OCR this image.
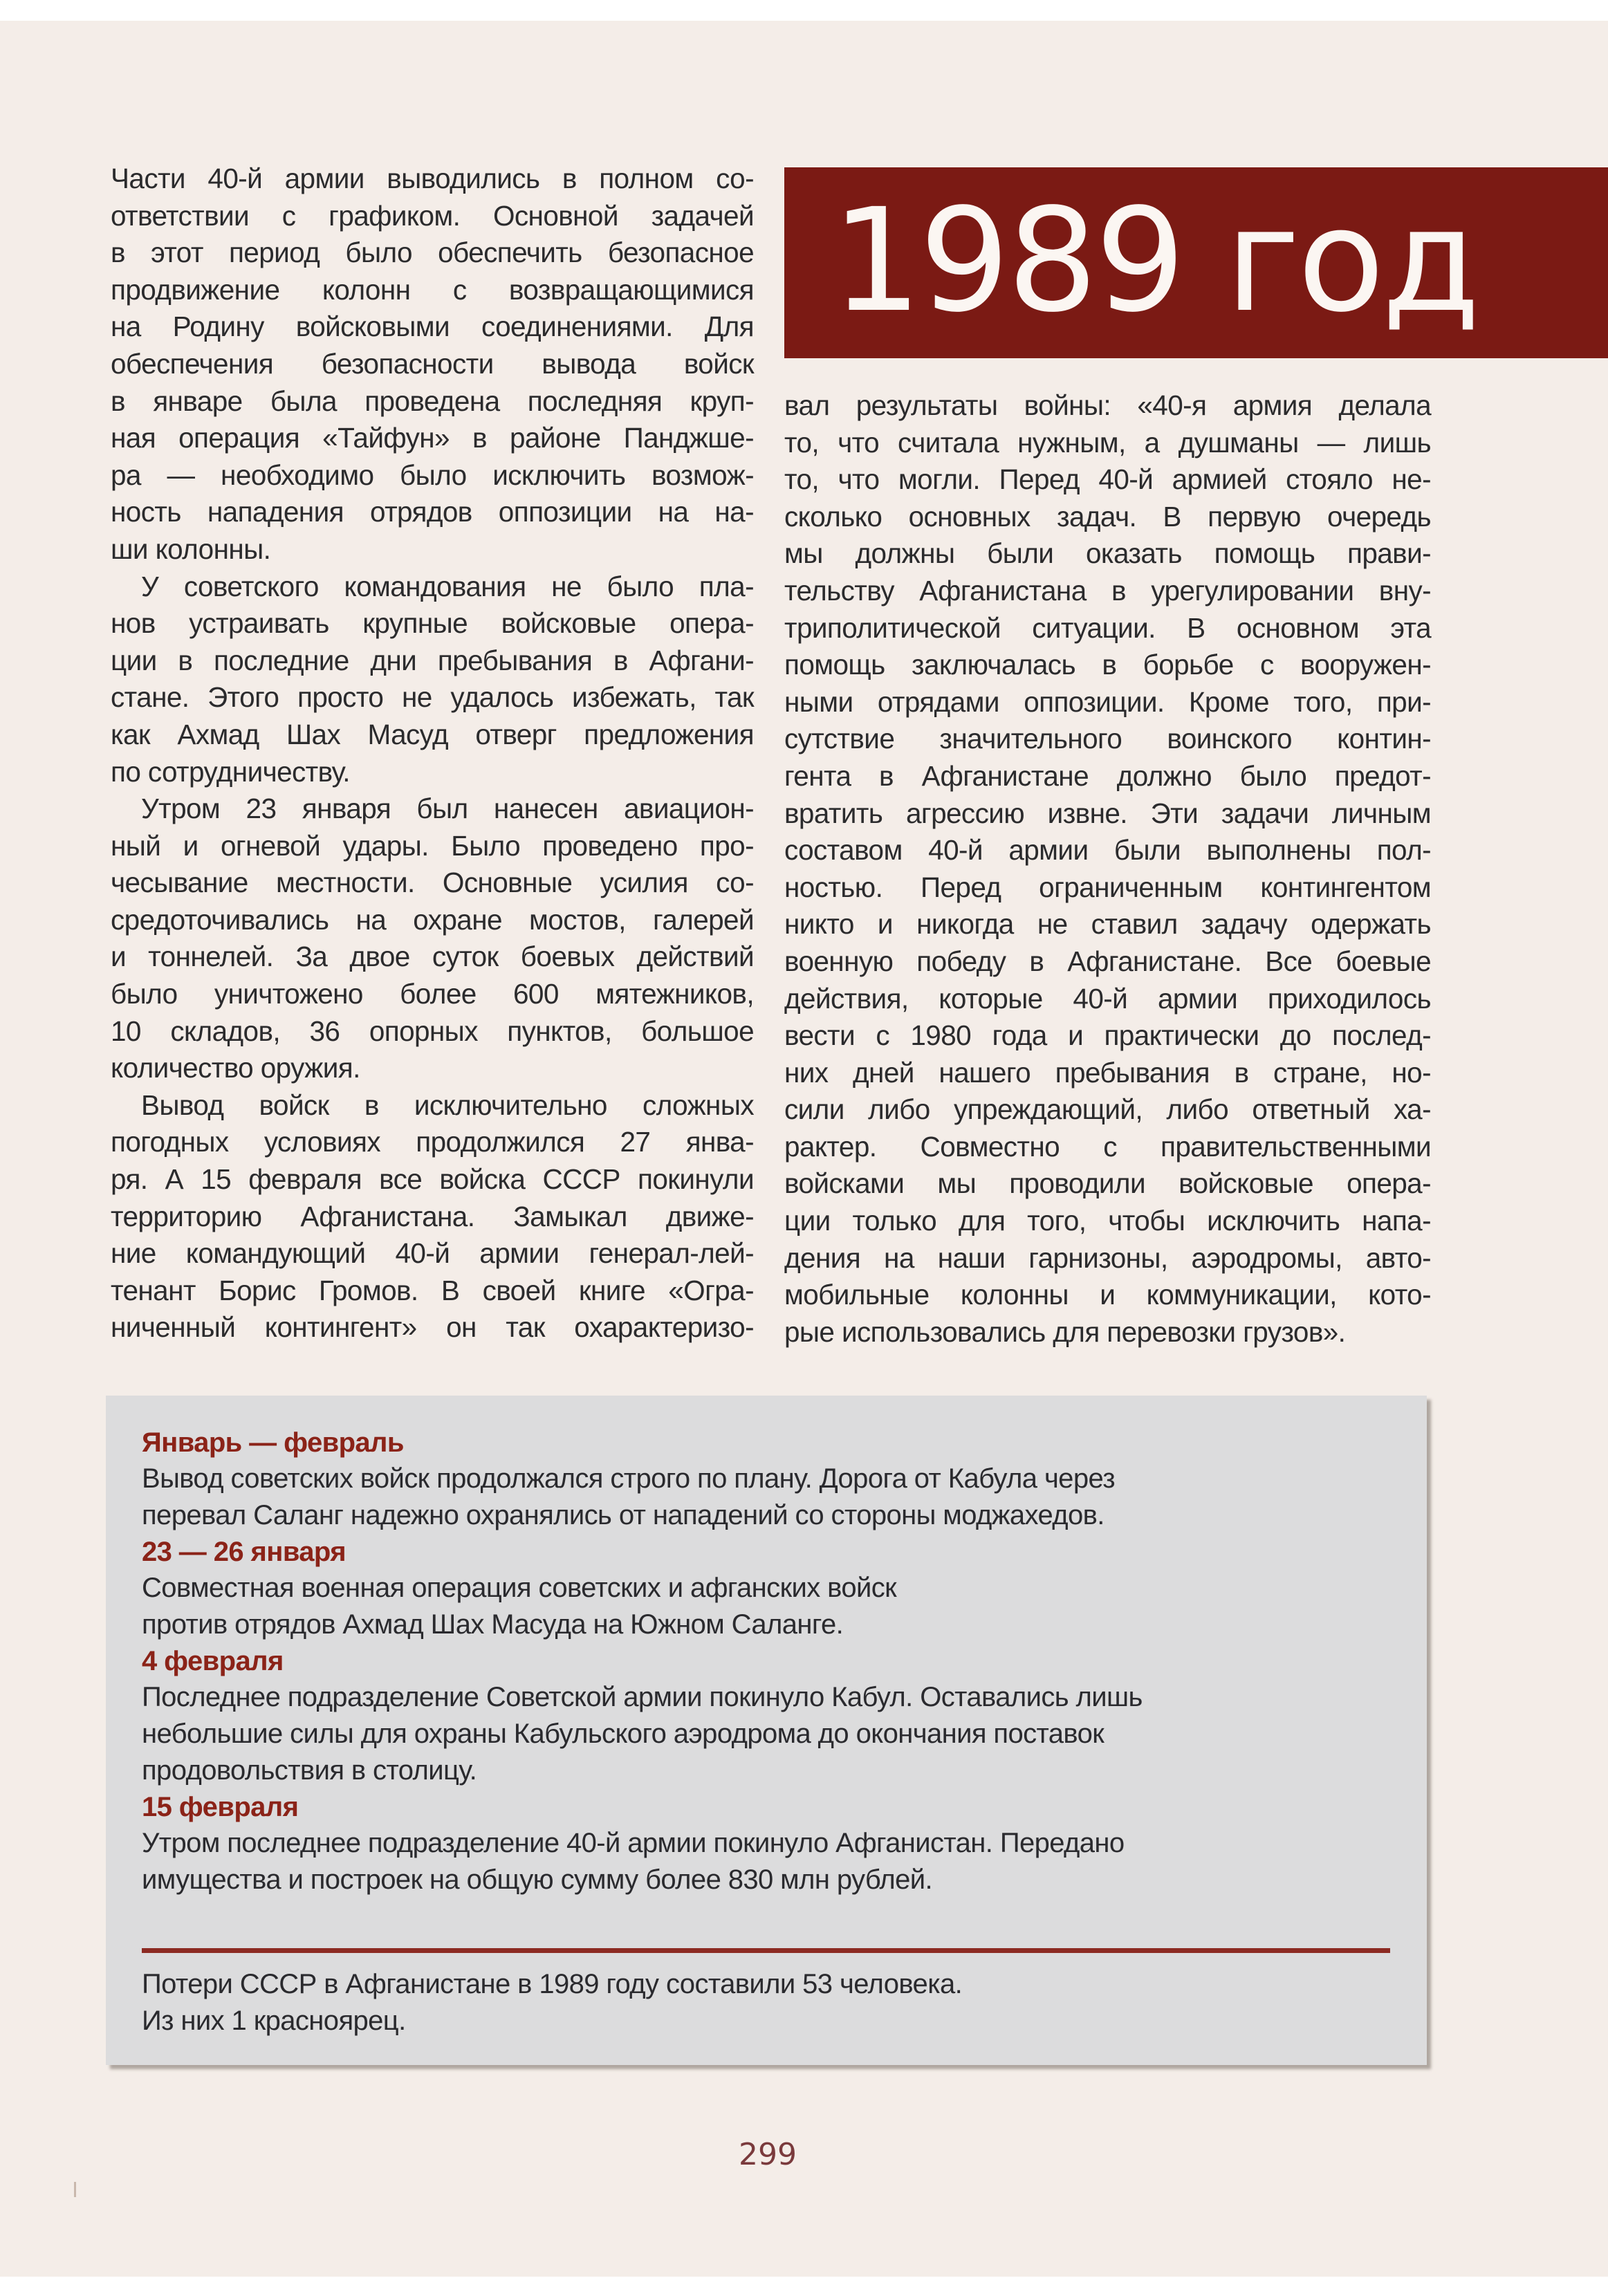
1989 год
Части 40-й армии выводились в полном со-
ответствии с графиком. Основной задачей
в этот период было обеспечить безопасное
продвижение колонн с возвращающимися
на Родину войсковыми соединениями. Для
обеспечения безопасности вывода войск
в январе была проведена последняя круп-
ная операция «Тайфун» в районе Панджше-
ра — необходимо было исключить возмож-
ность нападения отрядов оппозиции на на-
ши колонны.
У советского командования не было пла-
нов устраивать крупные войсковые опера-
ции в последние дни пребывания в Афгани-
стане. Этого просто не удалось избежать, так
как Ахмад Шах Масуд отверг предложения
по сотрудничеству.
Утром 23 января был нанесен авиацион-
ный и огневой удары. Было проведено про-
чесывание местности. Основные усилия со-
средоточивались на охране мостов, галерей
и тоннелей. За двое суток боевых действий
было уничтожено более 600 мятежников,
10 складов, 36 опорных пунктов, большое
количество оружия.
Вывод войск в исключительно сложных
погодных условиях продолжился 27 янва-
ря. А 15 февраля все войска СССР покинули
территорию Афганистана. Замыкал движе-
ние командующий 40-й армии генерал-лей-
тенант Борис Громов. В своей книге «Огра-
ниченный контингент» он так охарактеризо-
вал результаты войны: «40-я армия делала
то, что считала нужным, а душманы — лишь
то, что могли. Перед 40-й армией стояло не-
сколько основных задач. В первую очередь
мы должны были оказать помощь прави-
тельству Афганистана в урегулировании вну-
триполитической ситуации. В основном эта
помощь заключалась в борьбе с вооружен-
ными отрядами оппозиции. Кроме того, при-
сутствие значительного воинского контин-
гента в Афганистане должно было предот-
вратить агрессию извне. Эти задачи личным
составом 40-й армии были выполнены пол-
ностью. Перед ограниченным контингентом
никто и никогда не ставил задачу одержать
военную победу в Афганистане. Все боевые
действия, которые 40-й армии приходилось
вести с 1980 года и практически до послед-
них дней нашего пребывания в стране, но-
сили либо упреждающий, либо ответный ха-
рактер. Совместно с правительственными
войсками мы проводили войсковые опера-
ции только для того, чтобы исключить напа-
дения на наши гарнизоны, аэродромы, авто-
мобильные колонны и коммуникации, кото-
рые использовались для перевозки грузов».
Январь — февраль
Вывод советских войск продолжался строго по плану. Дорога от Кабула через
перевал Саланг надежно охранялись от нападений со стороны моджахедов.
23 — 26 января
Совместная военная операция советских и афганских войск
против отрядов Ахмад Шах Масуда на Южном Саланге.
4 февраля
Последнее подразделение Советской армии покинуло Кабул. Оставались лишь
небольшие силы для охраны Кабульского аэродрома до окончания поставок
продовольствия в столицу.
15 февраля
Утром последнее подразделение 40-й армии покинуло Афганистан. Передано
имущества и построек на общую сумму более 830 млн рублей.
Потери СССР в Афганистане в 1989 году составили 53 человека.
Из них 1 красноярец.
299
